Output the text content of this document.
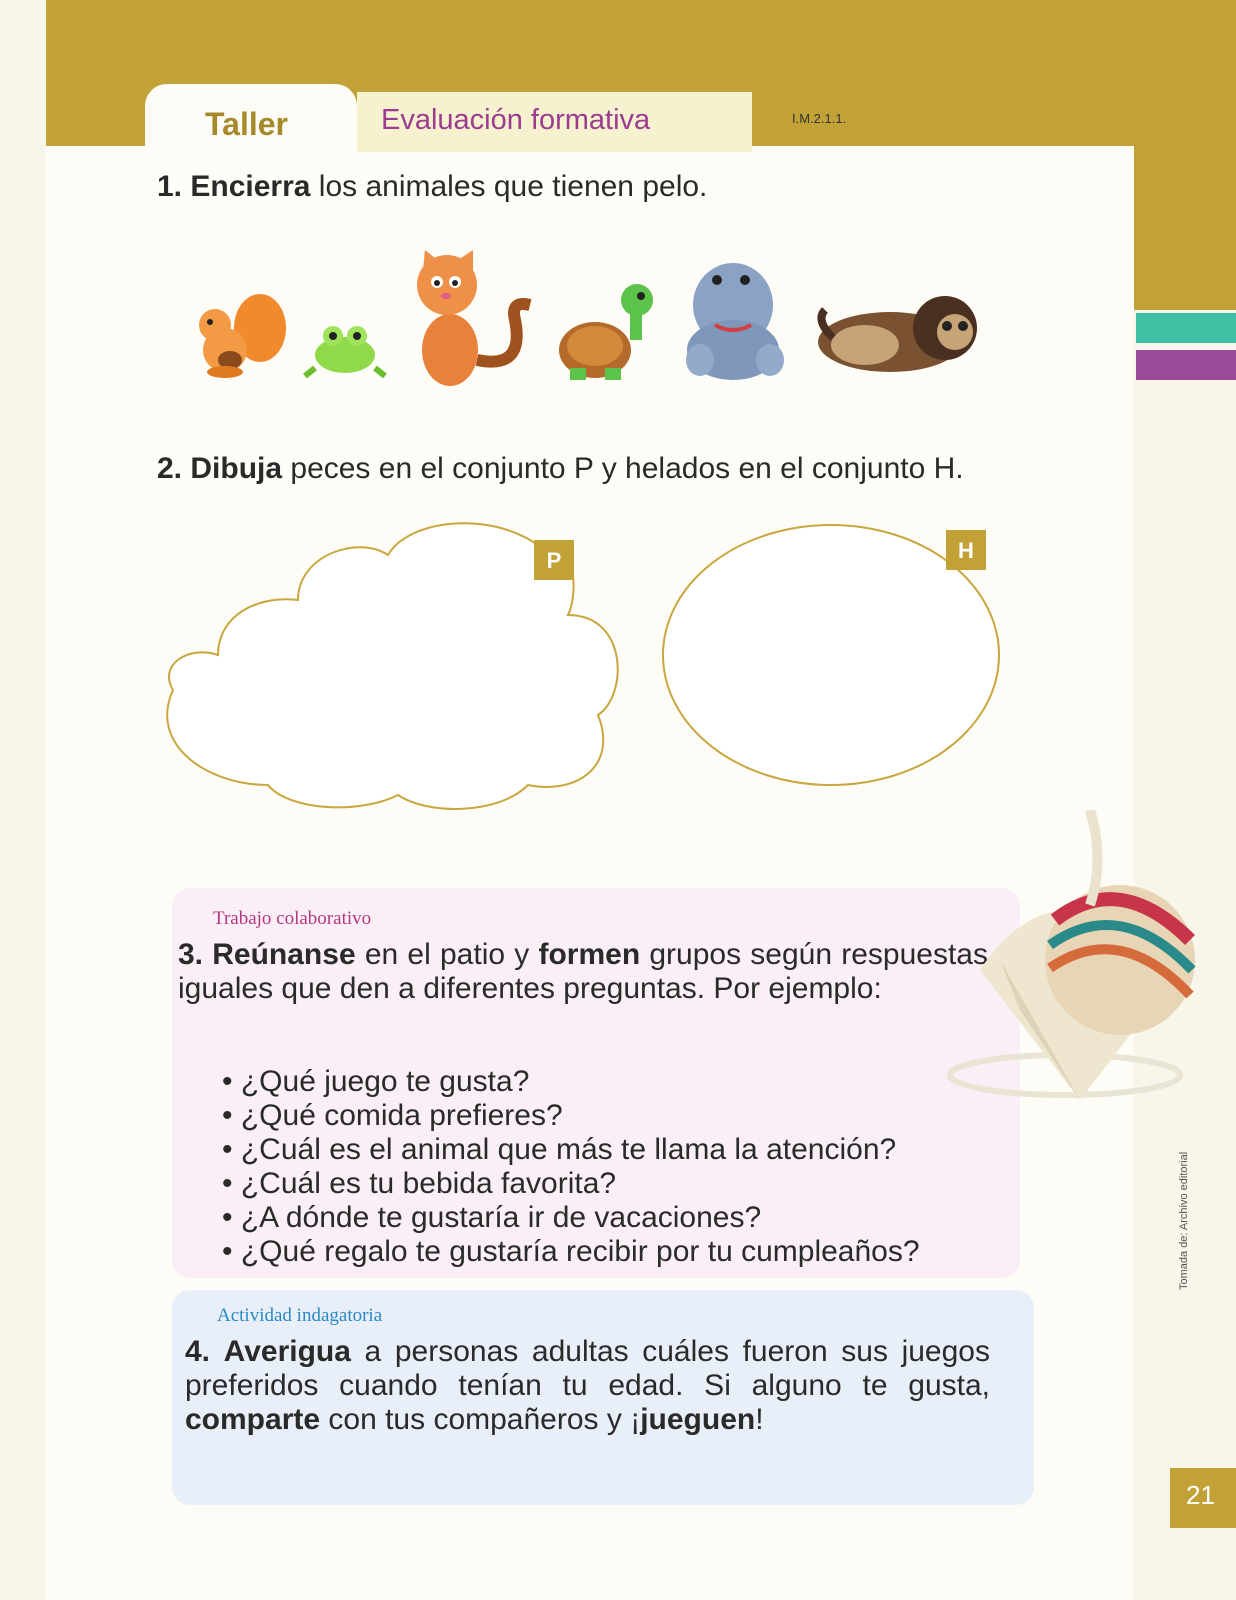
Taller	Evaluación formativa	I.M.2.1.1.
1. Encierra los animales que tienen pelo.
2. Dibuja peces en el conjunto P y helados en el conjunto H.
P	H
Trabajo colaborativo
3. Reúnanse en el patio y formen grupos según respuestas iguales que den a diferentes preguntas. Por ejemplo:
• ¿Qué juego te gusta?
• ¿Qué comida prefieres?
• ¿Cuál es el animal que más te llama la atención?
• ¿Cuál es tu bebida favorita?
• ¿A dónde te gustaría ir de vacaciones?
• ¿Qué regalo te gustaría recibir por tu cumpleaños?	Tomada de: Archivo editorial
Actividad indagatoria
4. Averigua a personas adultas cuáles fueron sus juegos preferidos cuando tenían tu edad. Si alguno te gusta, comparte con tus compañeros y ¡jueguen!
21
